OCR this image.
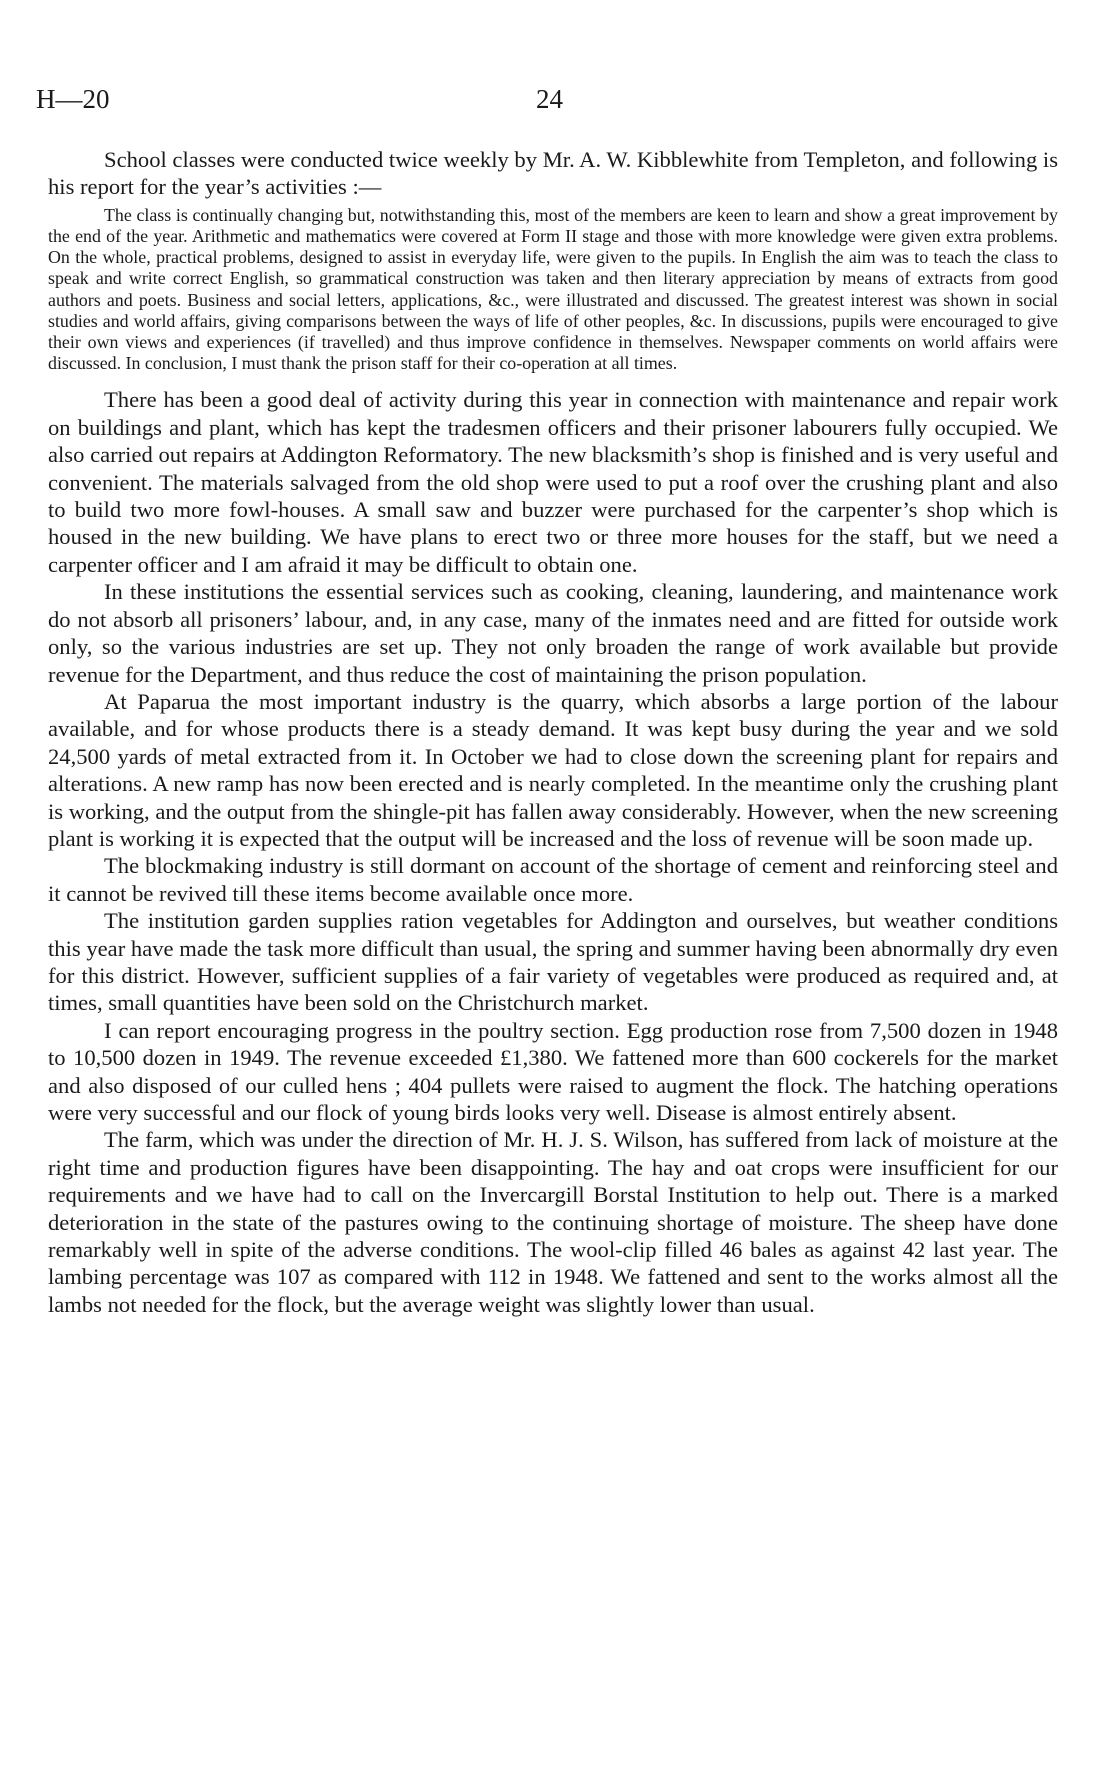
H—20	24

School classes were conducted twice weekly by Mr. A. W. Kibblewhite from Templeton, and following is his report for the year’s activities :—

The class is continually changing but, notwithstanding this, most of the members are keen to learn and show a great improvement by the end of the year. Arithmetic and mathematics were covered at Form II stage and those with more knowledge were given extra problems. On the whole, practical problems, designed to assist in everyday life, were given to the pupils. In English the aim was to teach the class to speak and write correct English, so grammatical construction was taken and then literary appreciation by means of extracts from good authors and poets. Business and social letters, applications, &c., were illustrated and discussed. The greatest interest was shown in social studies and world affairs, giving comparisons between the ways of life of other peoples, &c. In discussions, pupils were encouraged to give their own views and experiences (if travelled) and thus improve confidence in themselves. Newspaper comments on world affairs were discussed. In conclusion, I must thank the prison staff for their co-operation at all times.

There has been a good deal of activity during this year in connection with maintenance and repair work on buildings and plant, which has kept the tradesmen officers and their prisoner labourers fully occupied. We also carried out repairs at Addington Reformatory. The new blacksmith’s shop is finished and is very useful and convenient. The materials salvaged from the old shop were used to put a roof over the crushing plant and also to build two more fowl-houses. A small saw and buzzer were purchased for the carpenter’s shop which is housed in the new building. We have plans to erect two or three more houses for the staff, but we need a carpenter officer and I am afraid it may be difficult to obtain one.

In these institutions the essential services such as cooking, cleaning, laundering, and maintenance work do not absorb all prisoners’ labour, and, in any case, many of the inmates need and are fitted for outside work only, so the various industries are set up. They not only broaden the range of work available but provide revenue for the Department, and thus reduce the cost of maintaining the prison population.

At Paparua the most important industry is the quarry, which absorbs a large portion of the labour available, and for whose products there is a steady demand. It was kept busy during the year and we sold 24,500 yards of metal extracted from it. In October we had to close down the screening plant for repairs and alterations. A new ramp has now been erected and is nearly completed. In the meantime only the crushing plant is working, and the output from the shingle-pit has fallen away considerably. However, when the new screening plant is working it is expected that the output will be increased and the loss of revenue will be soon made up.

The blockmaking industry is still dormant on account of the shortage of cement and reinforcing steel and it cannot be revived till these items become available once more.

The institution garden supplies ration vegetables for Addington and ourselves, but weather conditions this year have made the task more difficult than usual, the spring and summer having been abnormally dry even for this district. However, sufficient supplies of a fair variety of vegetables were produced as required and, at times, small quantities have been sold on the Christchurch market.

I can report encouraging progress in the poultry section. Egg production rose from 7,500 dozen in 1948 to 10,500 dozen in 1949. The revenue exceeded £1,380. We fattened more than 600 cockerels for the market and also disposed of our culled hens ; 404 pullets were raised to augment the flock. The hatching operations were very successful and our flock of young birds looks very well. Disease is almost entirely absent.

The farm, which was under the direction of Mr. H. J. S. Wilson, has suffered from lack of moisture at the right time and production figures have been disappointing. The hay and oat crops were insufficient for our requirements and we have had to call on the Invercargill Borstal Institution to help out. There is a marked deterioration in the state of the pastures owing to the continuing shortage of moisture. The sheep have done remarkably well in spite of the adverse conditions. The wool-clip filled 46 bales as against 42 last year. The lambing percentage was 107 as compared with 112 in 1948. We fattened and sent to the works almost all the lambs not needed for the flock, but the average weight was slightly lower than usual.
